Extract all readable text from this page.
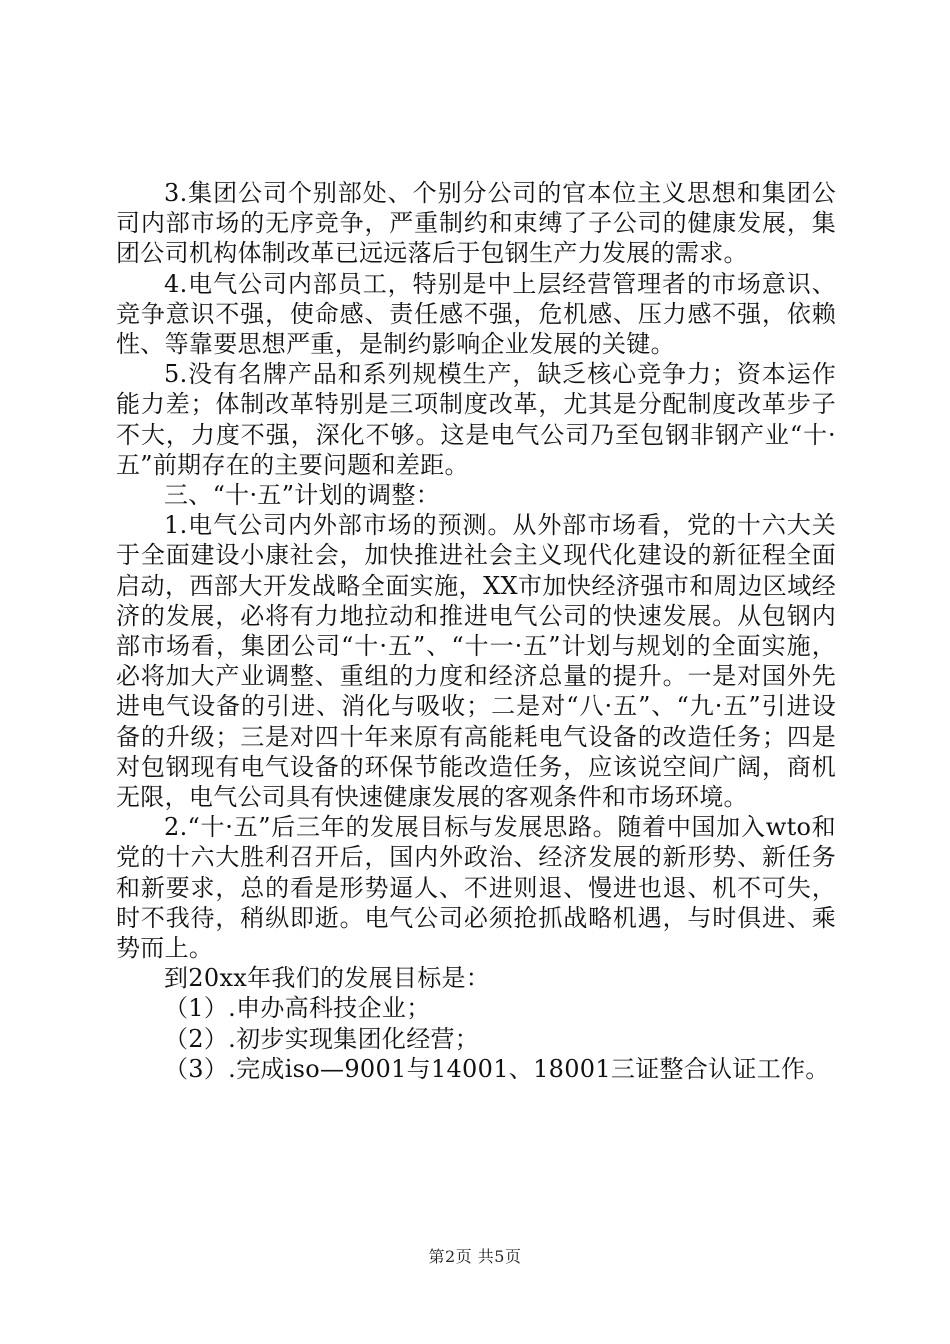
3.集团公司个别部处、个别分公司的官本位主义思想和集团公司内部市场的无序竞争，严重制约和束缚了子公司的健康发展，集团公司机构体制改革已远远落后于包钢生产力发展的需求。

4.电气公司内部员工，特别是中上层经营管理者的市场意识、竞争意识不强，使命感、责任感不强，危机感、压力感不强，依赖性、等靠要思想严重，是制约影响企业发展的关键。

5.没有名牌产品和系列规模生产，缺乏核心竞争力；资本运作能力差；体制改革特别是三项制度改革，尤其是分配制度改革步子不大，力度不强，深化不够。这是电气公司乃至包钢非钢产业“十·五”前期存在的主要问题和差距。

三、“十·五”计划的调整：

1.电气公司内外部市场的预测。从外部市场看，党的十六大关于全面建设小康社会，加快推进社会主义现代化建设的新征程全面启动，西部大开发战略全面实施，XX市加快经济强市和周边区域经济的发展，必将有力地拉动和推进电气公司的快速发展。从包钢内部市场看，集团公司“十·五”、“十一·五”计划与规划的全面实施，必将加大产业调整、重组的力度和经济总量的提升。一是对国外先进电气设备的引进、消化与吸收；二是对“八·五”、“九·五”引进设备的升级；三是对四十年来原有高能耗电气设备的改造任务；四是对包钢现有电气设备的环保节能改造任务，应该说空间广阔，商机无限，电气公司具有快速健康发展的客观条件和市场环境。

2.“十·五”后三年的发展目标与发展思路。随着中国加入wto和党的十六大胜利召开后，国内外政治、经济发展的新形势、新任务和新要求，总的看是形势逼人、不进则退、慢进也退、机不可失，时不我待，稍纵即逝。电气公司必须抢抓战略机遇，与时俱进、乘势而上。

到20xx年我们的发展目标是：

（1）.申办高科技企业；

（2）.初步实现集团化经营；

（3）.完成iso—9001与14001、18001三证整合认证工作。

第2页 共5页
